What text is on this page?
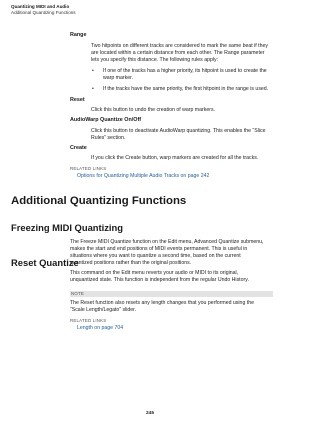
Quantizing MIDI and Audio
Additional Quantizing Functions
Range
Two hitpoints on different tracks are considered to mark the same beat if they
are located within a certain distance from each other. The Range parameter
lets you specify this distance. The following rules apply:
• If one of the tracks has a higher priority, its hitpoint is used to create the
warp marker.
• If the tracks have the same priority, the first hitpoint in the range is used.
Reset
Click this button to undo the creation of warp markers.
AudioWarp Quantize On/Off
Click this button to deactivate AudioWarp quantizing. This enables the “Slice
Rules” section.
Create
If you click the Create button, warp markers are created for all the tracks.
RELATED LINKS
Options for Quantizing Multiple Audio Tracks on page 242
Additional Quantizing Functions
Freezing MIDI Quantizing
The Freeze MIDI Quantize function on the Edit menu, Advanced Quantize submenu,
makes the start and end positions of MIDI events permanent. This is useful in
situations where you want to quantize a second time, based on the current
quantized positions rather than the original positions.
Reset Quantize
This command on the Edit menu reverts your audio or MIDI to its original,
unquantized state. This function is independent from the regular Undo History.
NOTE
The Reset function also resets any length changes that you performed using the
“Scale Length/Legato” slider.
RELATED LINKS
Length on page 704
245
